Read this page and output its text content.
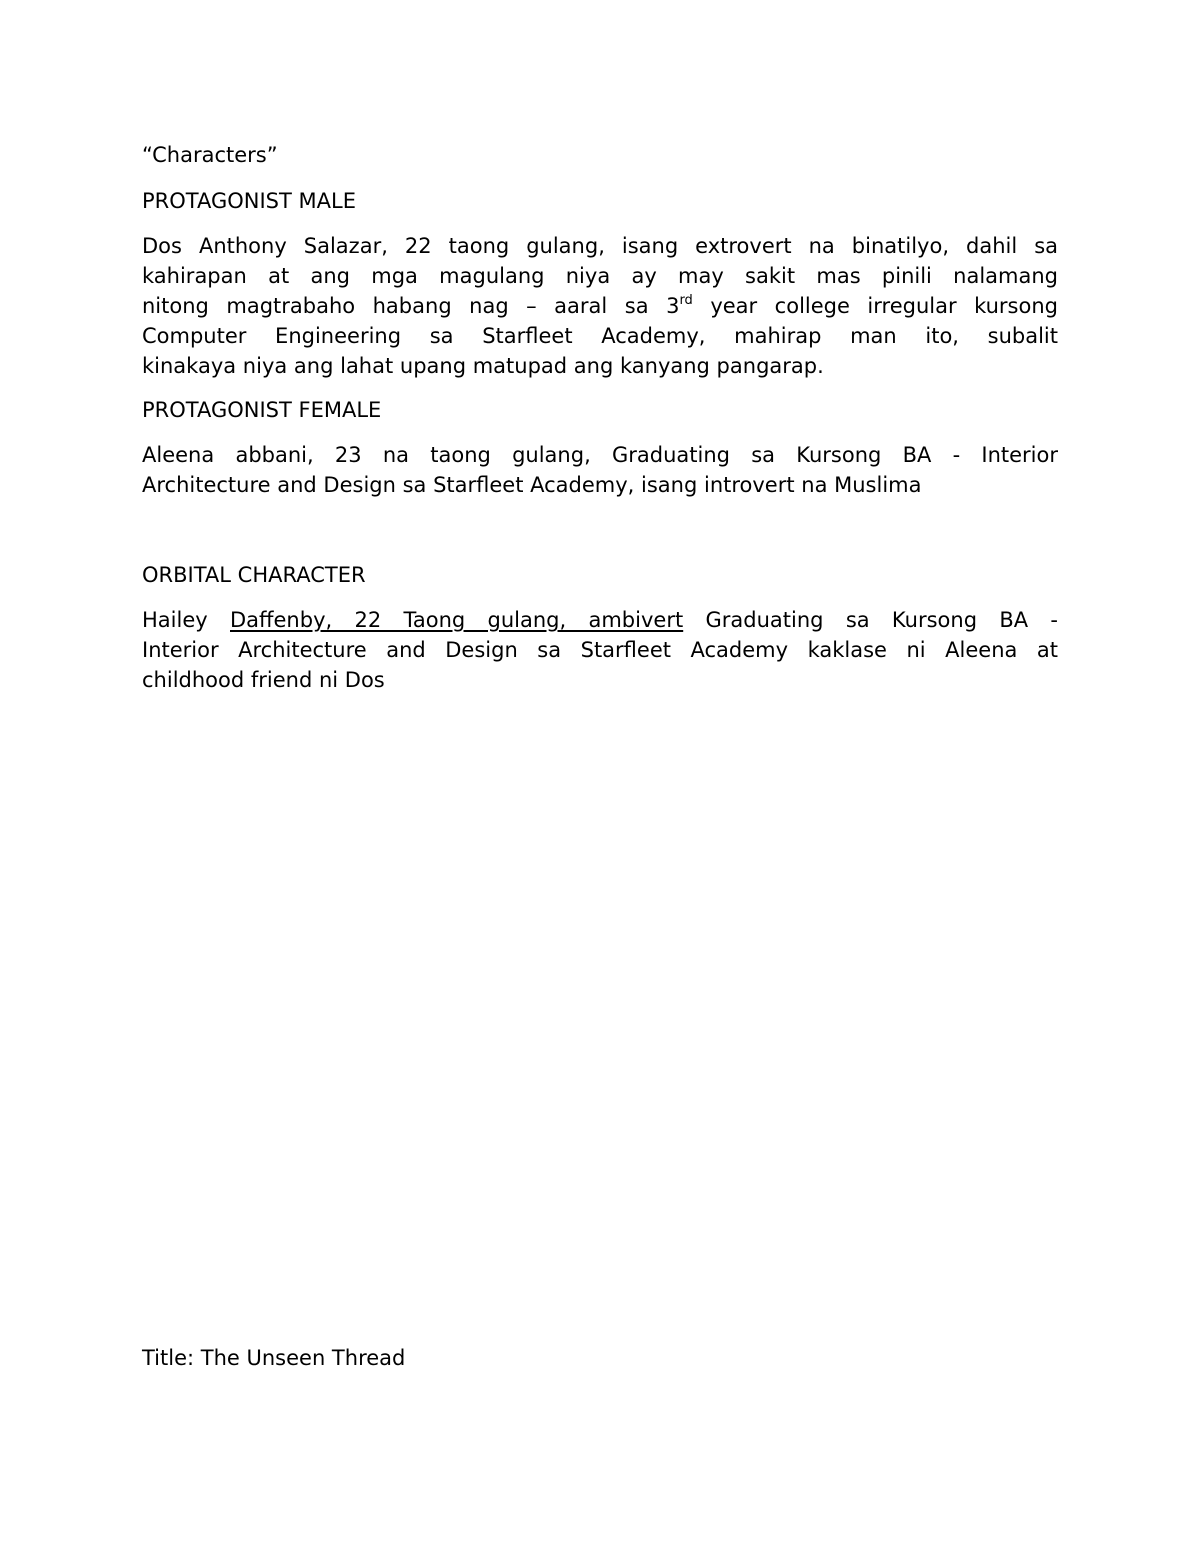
“Characters”

PROTAGONIST MALE

Dos Anthony Salazar, 22 taong gulang, isang extrovert na binatilyo, dahil sa
kahirapan at ang mga magulang niya ay may sakit mas pinili nalamang
nitong magtrabaho habang nag – aaral sa 3rd year college irregular kursong
Computer Engineering sa Starfleet Academy, mahirap man ito, subalit
kinakaya niya ang lahat upang matupad ang kanyang pangarap.

PROTAGONIST FEMALE

Aleena abbani, 23 na taong gulang, Graduating sa Kursong BA - Interior
Architecture and Design sa Starfleet Academy, isang introvert na Muslima

ORBITAL CHARACTER

Hailey Daffenby, 22 Taong gulang, ambivert Graduating sa Kursong BA -
Interior Architecture and Design sa Starfleet Academy kaklase ni Aleena at
childhood friend ni Dos

Title: The Unseen Thread
